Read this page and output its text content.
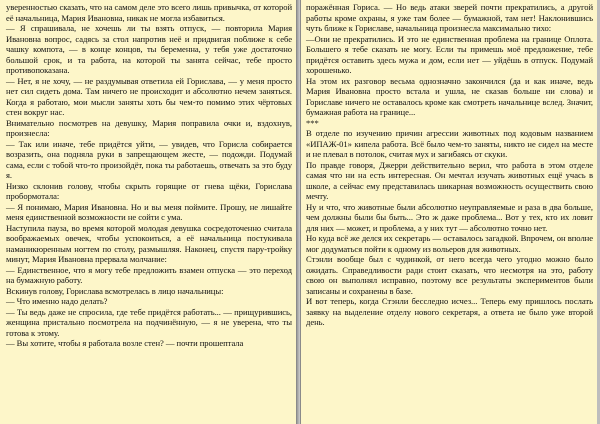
уверенностью сказать, что на самом деле это всего лишь привычка, от которой её начальница, Мария Ивановна, никак не могла избавиться.

— Я спрашивала, не хочешь ли ты взять отпуск, — повторила Мария Ивановна вопрос, садясь за стол напротив неё и придвигая поближе к себе чашку компота, — в конце концов, ты беременна, у тебя уже достаточно большой срок, и та работа, на которой ты занята сейчас, тебе просто противопоказана.

— Нет, я не хочу, — не раздумывая ответила ей Гориславa, — у меня просто нет сил сидеть дома. Там ничего не происходит и абсолютно нечем заняться. Когда я работаю, мои мысли заняты хоть бы чем-то помимо этих чёртовых стен вокруг нас.

Внимательно посмотрев на девушку, Мария поправила очки и, вздохнув, произнесла:

— Так или иначе, тебе придётся уйти, — увидев, что Горисла собирается возразить, она подняла руки в запрещающем жесте, — подожди. Подумай сама, если с тобой что-то произойдёт, пока ты работаешь, отвечать за это буду я.

Низко склонив голову, чтобы скрыть горящие от гнева щёки, Горислава пробормотала:

— Я понимаю, Мария Ивановна. Но и вы меня поймите. Прошу, не лишайте меня единственной возможности не сойти с ума.

Наступила пауза, во время которой молодая девушка сосредоточенно считала воображаемых овечек, чтобы успокоиться, а её начальница постукивала наманикюренным ногтем по столу, размышляя. Наконец, спустя пару-тройку минут, Мария Ивановна прервала молчание:

— Единственное, что я могу тебе предложить взамен отпуска — это переход на бумажную работу.

Вскинув голову, Горислава всмотрелась в лицо начальницы:

— Что именно надо делать?

— Ты ведь даже не спросила, где тебе придётся работать... — прищурившись, женщина пристально посмотрела на подчинённую, — я не уверена, что ты готова к этому.

— Вы хотите, чтобы я работала возле стен? — почти прошептала

поражённая Гориса. — Но ведь атаки зверей почти прекратились, а другой работы кроме охраны, я уже там более — бумажной, там нет! Наклонившись чуть ближе к Гориславе, начальница произнесла максимально тихо:

—Они не прекратились. И это не единственная проблема на границе Оплота. Большего я тебе сказать не могу. Если ты примешь моё предложение, тебе придётся оставить здесь мужа и дом, если нет — уйдёшь в отпуск. Подумай хорошенько.

На этом их разговор весьма однозначно закончился (да и как иначе, ведь Мария Ивановна просто встала и ушла, не сказав больше ни слова) и Гориславе ничего не оставалось кроме как смотреть начальнице вслед. Значит, бумажная работа на границе...

***

В отделе по изучению причин агрессии животных под кодовым названием «ИПАЖ-01» кипела работа. Всё было чем-то заняты, никто не сидел на месте и не плевал в потолок, считая мух и загибаясь от скуки.

По правде говоря, Джерри действительно верил, что работа в этом отделе самая что ни на есть интересная. Он мечтал изучать животных ещё учась в школе, а сейчас ему представилась шикарная возможность осуществить свою мечту.

Ну и что, что животные были абсолютно неуправляемые и раза в два больше, чем должны были бы быть... Это ж даже проблема... Вот у тех, кто их ловит для них — может, и проблема, а у них тут — абсолютно точно нет.

Но куда всё же делся их секретарь — оставалось загадкой. Впрочем, он вполне мог додуматься пойти к одному из вольеров для животных.

Стэнли вообще был с чудинкой, от него всегда чего угодно можно было ожидать. Справедливости ради стоит сказать, что несмотря на это, работу свою он выполнял исправно, поэтому все результаты экспериментов были записаны и сохранены в базе.

И вот теперь, когда Стэнли бесследно исчез... Теперь ему пришлось послать заявку на выделение отделу нового секретаря, а ответа не было уже второй день.
